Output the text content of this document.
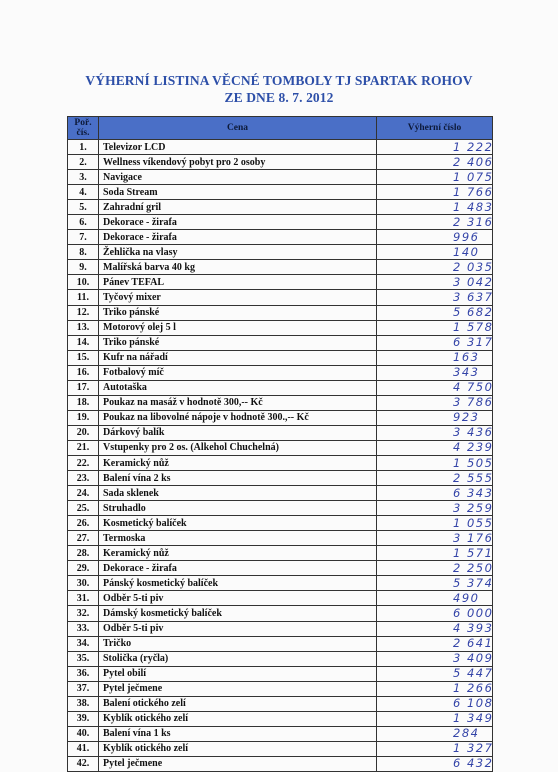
VÝHERNÍ LISTINA VĚCNÉ TOMBOLY TJ SPARTAK ROHOV
ZE DNE 8. 7. 2012
Poř. čís.	Cena	Výherní číslo
1.	Televizor LCD	1 222
2.	Wellness víkendový pobyt pro 2 osoby	2 406
3.	Navigace	1 075
4.	Soda Stream	1 766
5.	Zahradní gril	1 483
6.	Dekorace - žirafa	2 316
7.	Dekorace - žirafa	996
8.	Žehlička na vlasy	140
9.	Malířská barva 40 kg	2 035
10.	Pánev TEFAL	3 042
11.	Tyčový mixer	3 637
12.	Triko pánské	5 682
13.	Motorový olej 5 l	1 578
14.	Triko pánské	6 317
15.	Kufr na nářadí	163
16.	Fotbalový míč	343
17.	Autotaška	4 750
18.	Poukaz na masáž v hodnotě 300,-- Kč	3 786
19.	Poukaz na libovolné nápoje v hodnotě 300.,-- Kč	923
20.	Dárkový balík	3 436
21.	Vstupenky pro 2 os. (Alkehol Chuchelná)	4 239
22.	Keramický nůž	1 505
23.	Balení vína 2 ks	2 555
24.	Sada sklenek	6 343
25.	Struhadlo	3 259
26.	Kosmetický balíček	1 055
27.	Termoska	3 176
28.	Keramický nůž	1 571
29.	Dekorace - žirafa	2 250
30.	Pánský kosmetický balíček	5 374
31.	Odběr 5-ti piv	490
32.	Dámský kosmetický balíček	6 000
33.	Odběr 5-ti piv	4 393
34.	Tričko	2 641
35.	Stolička (ryčla)	3 409
36.	Pytel obilí	5 447
37.	Pytel ječmene	1 266
38.	Balení otického zelí	6 108
39.	Kyblík otického zelí	1 349
40.	Balení vína 1 ks	284
41.	Kyblík otického zelí	1 327
42.	Pytel ječmene	6 432
